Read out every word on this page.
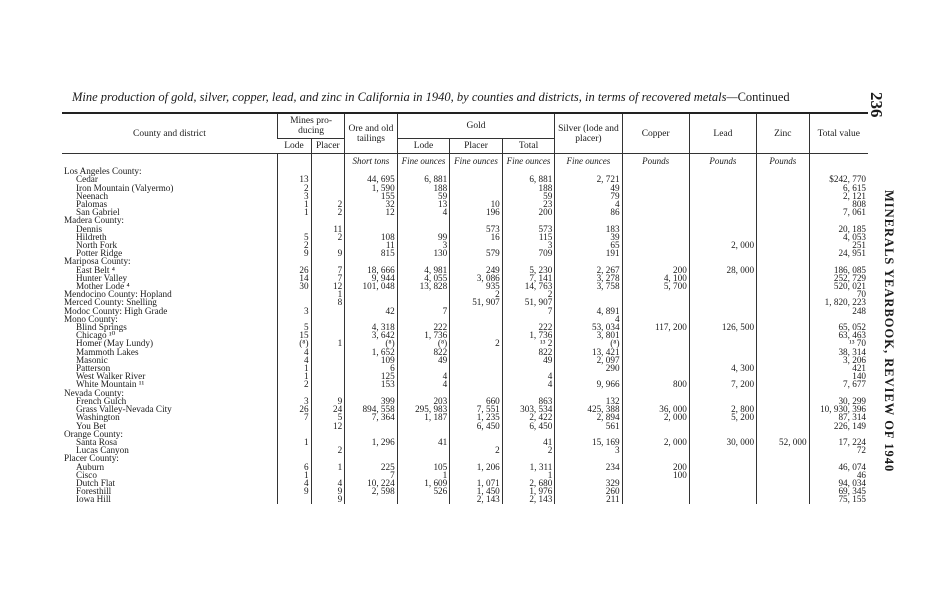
Mine production of gold, silver, copper, lead, and zinc in California in 1940, by counties and districts, in terms of recovered metals—Continued	236
MINERALS YEARBOOK, REVIEW OF 1940
County and district	Mines pro-ducing		Ore and old tailings	Gold			Silver (lode and placer)	Copper	Lead	Zinc	Total value
	Lode	Placer		Lode	Placer	Total					
			Short tons	Fine ounces	Fine ounces	Fine ounces	Fine ounces	Pounds	Pounds	Pounds	
Los Angeles County:											
Cedar	13		44, 695	6, 881		6, 881	2, 721				$242, 770
Iron Mountain (Valyermo)	2		1, 590	188		188	49				6, 615
Neenach	3		155	59		59	79				2, 121
Palomas	1	2	32	13	10	23	4				808
San Gabriel	1	2	12	4	196	200	86				7, 061
Madera County:											
Dennis		11			573	573	183				20, 185
Hildreth	5	2	108	99	16	115	39				4, 053
North Fork	2		11	3		3	65		2, 000		251
Potter Ridge	9	9	815	130	579	709	191				24, 951
Mariposa County:											
East Belt ⁴	26	7	18, 666	4, 981	249	5, 230	2, 267	200	28, 000		186, 085
Hunter Valley	14	7	9, 944	4, 055	3, 086	7, 141	3, 278	4, 100			252, 729
Mother Lode ⁴	30	12	101, 048	13, 828	935	14, 763	3, 758	5, 700			520, 021
Mendocino County: Hopland		1			2	2					70
Merced County: Snelling		8			51, 907	51, 907					1, 820, 223
Modoc County: High Grade	3		42	7		7	4, 891				248
Mono County:							4				
Blind Springs	5		4, 318	222		222	53, 034	117, 200	126, 500		65, 052
Chicago ¹⁰	15		3, 642	1, 736		1, 736	3, 801				63, 463
Homer (May Lundy)	(⁸)	1	(⁸)	(⁸)	2	¹³ 2	(⁸)				¹³ 70
Mammoth Lakes	4		1, 652	822		822	13, 421				38, 314
Masonic	4		109	49		49	2, 097				3, 206
Patterson	1		6				290		4, 300		421
West Walker River	1		125	4		4					140
White Mountain ¹¹	2		153	4		4	9, 966	800	7, 200		7, 677
Nevada County:											
French Gulch	3	9	399	203	660	863	132				30, 299
Grass Valley-Nevada City	26	24	894, 558	295, 983	7, 551	303, 534	425, 388	36, 000	2, 800		10, 930, 396
Washington	7	5	7, 364	1, 187	1, 235	2, 422	2, 894	2, 000	5, 200		87, 314
You Bet		12			6, 450	6, 450	561				226, 149
Orange County:											
Santa Rosa	1		1, 296	41		41	15, 169	2, 000	30, 000	52, 000	17, 224
Lucas Canyon		2			2	2	3				72
Placer County:											
Auburn	6	1	225	105	1, 206	1, 311	234	200			46, 074
Cisco	1		7	1		1		100			46
Dutch Flat	4	4	10, 224	1, 609	1, 071	2, 680	329				94, 034
Foresthill	9	9	2, 598	526	1, 450	1, 976	260				69, 345
Iowa Hill		9			2, 143	2, 143	211				75, 155
